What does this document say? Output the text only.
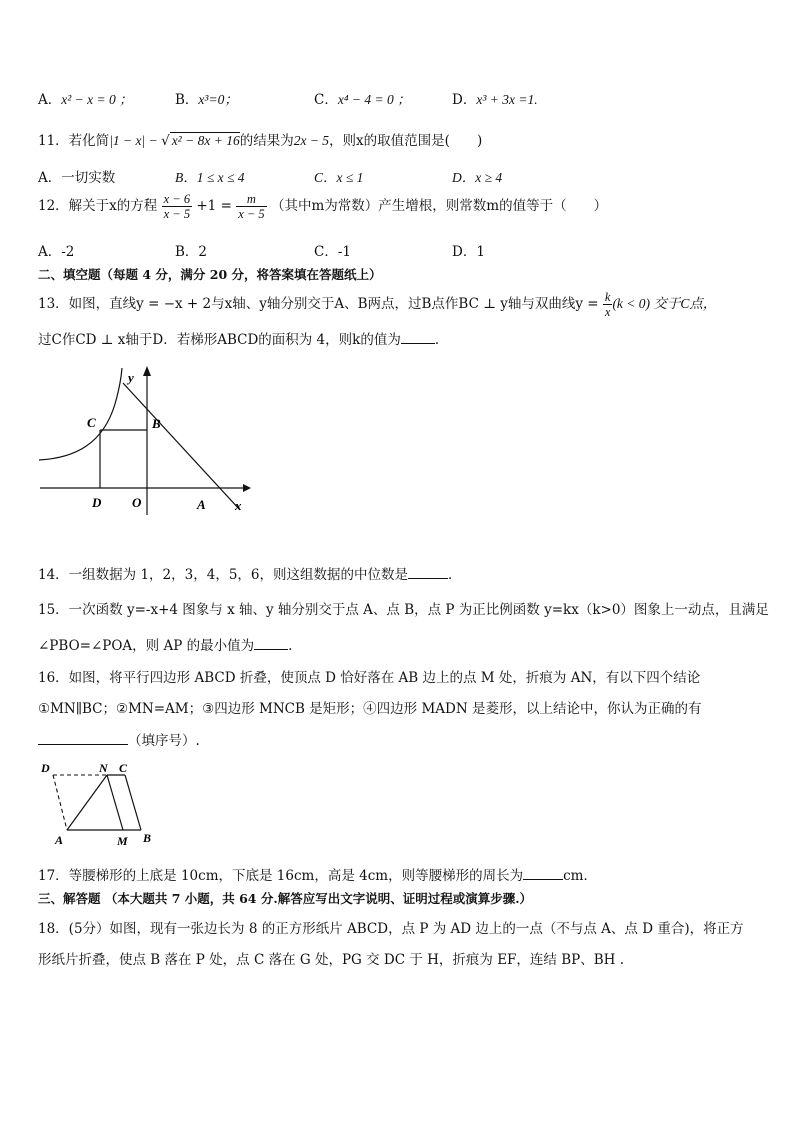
A．x² − x = 0 ；	B．x³=0；	C．x⁴ − 4 = 0 ；	D．x³ + 3x =1.
11．若化简|1 − x| − √ x² − 8x + 16的结果为2x − 5，则x的取值范围是(　　)
A．一切实数	B．1 ≤ x ≤ 4	C．x ≤ 1	D．x ≥ 4
12．解关于x的方程 $\frac{x - 6}{x - 5} +1 = \frac{m}{x - 5}$ （其中m为常数）产生增根，则常数m的值等于（　　）
A．-2	B．2	C．-1	D．1
二、填空题（每题 4 分，满分 20 分，将答案填在答题纸上）
13．如图，直线y = −x + 2与x轴、y轴分别交于A、B两点，过B点作BC ⊥ y轴与双曲线$y = \frac{k}{x} (k < 0)$ 交于C点，
过C作CD ⊥ x轴于D．若梯形ABCD的面积为 4，则k的值为	．
y
x
C	B
D O	A
14．一组数据为 1，2，3，4，5，6，则这组数据的中位数是	．
15．一次函数 y=-x+4 图象与 x 轴、y 轴分别交于点 A、点 B，点 P 为正比例函数 y=kx（k>0）图象上一动点，且满足
∠PBO=∠POA，则 AP 的最小值为	.
16．如图，将平行四边形 ABCD 折叠，使顶点 D 恰好落在 AB 边上的点 M 处，折痕为 AN，有以下四个结论
①MN∥BC；②MN=AM；③四边形 MNCB 是矩形；④四边形 MADN 是菱形，以上结论中，你认为正确的有
（填序号）.
D	N C
A	M B
17．等腰梯形的上底是 10cm，下底是 16cm，高是 4cm，则等腰梯形的周长为	cm．
三、解答题 （本大题共 7 小题，共 64 分.解答应写出文字说明、证明过程或演算步骤.）
18．(5分）如图，现有一张边长为 8 的正方形纸片 ABCD，点 P 为 AD 边上的一点（不与点 A、点 D 重合)，将正方
形纸片折叠，使点 B 落在 P 处，点 C 落在 G 处，PG 交 DC 于 H，折痕为 EF，连结 BP、BH .
